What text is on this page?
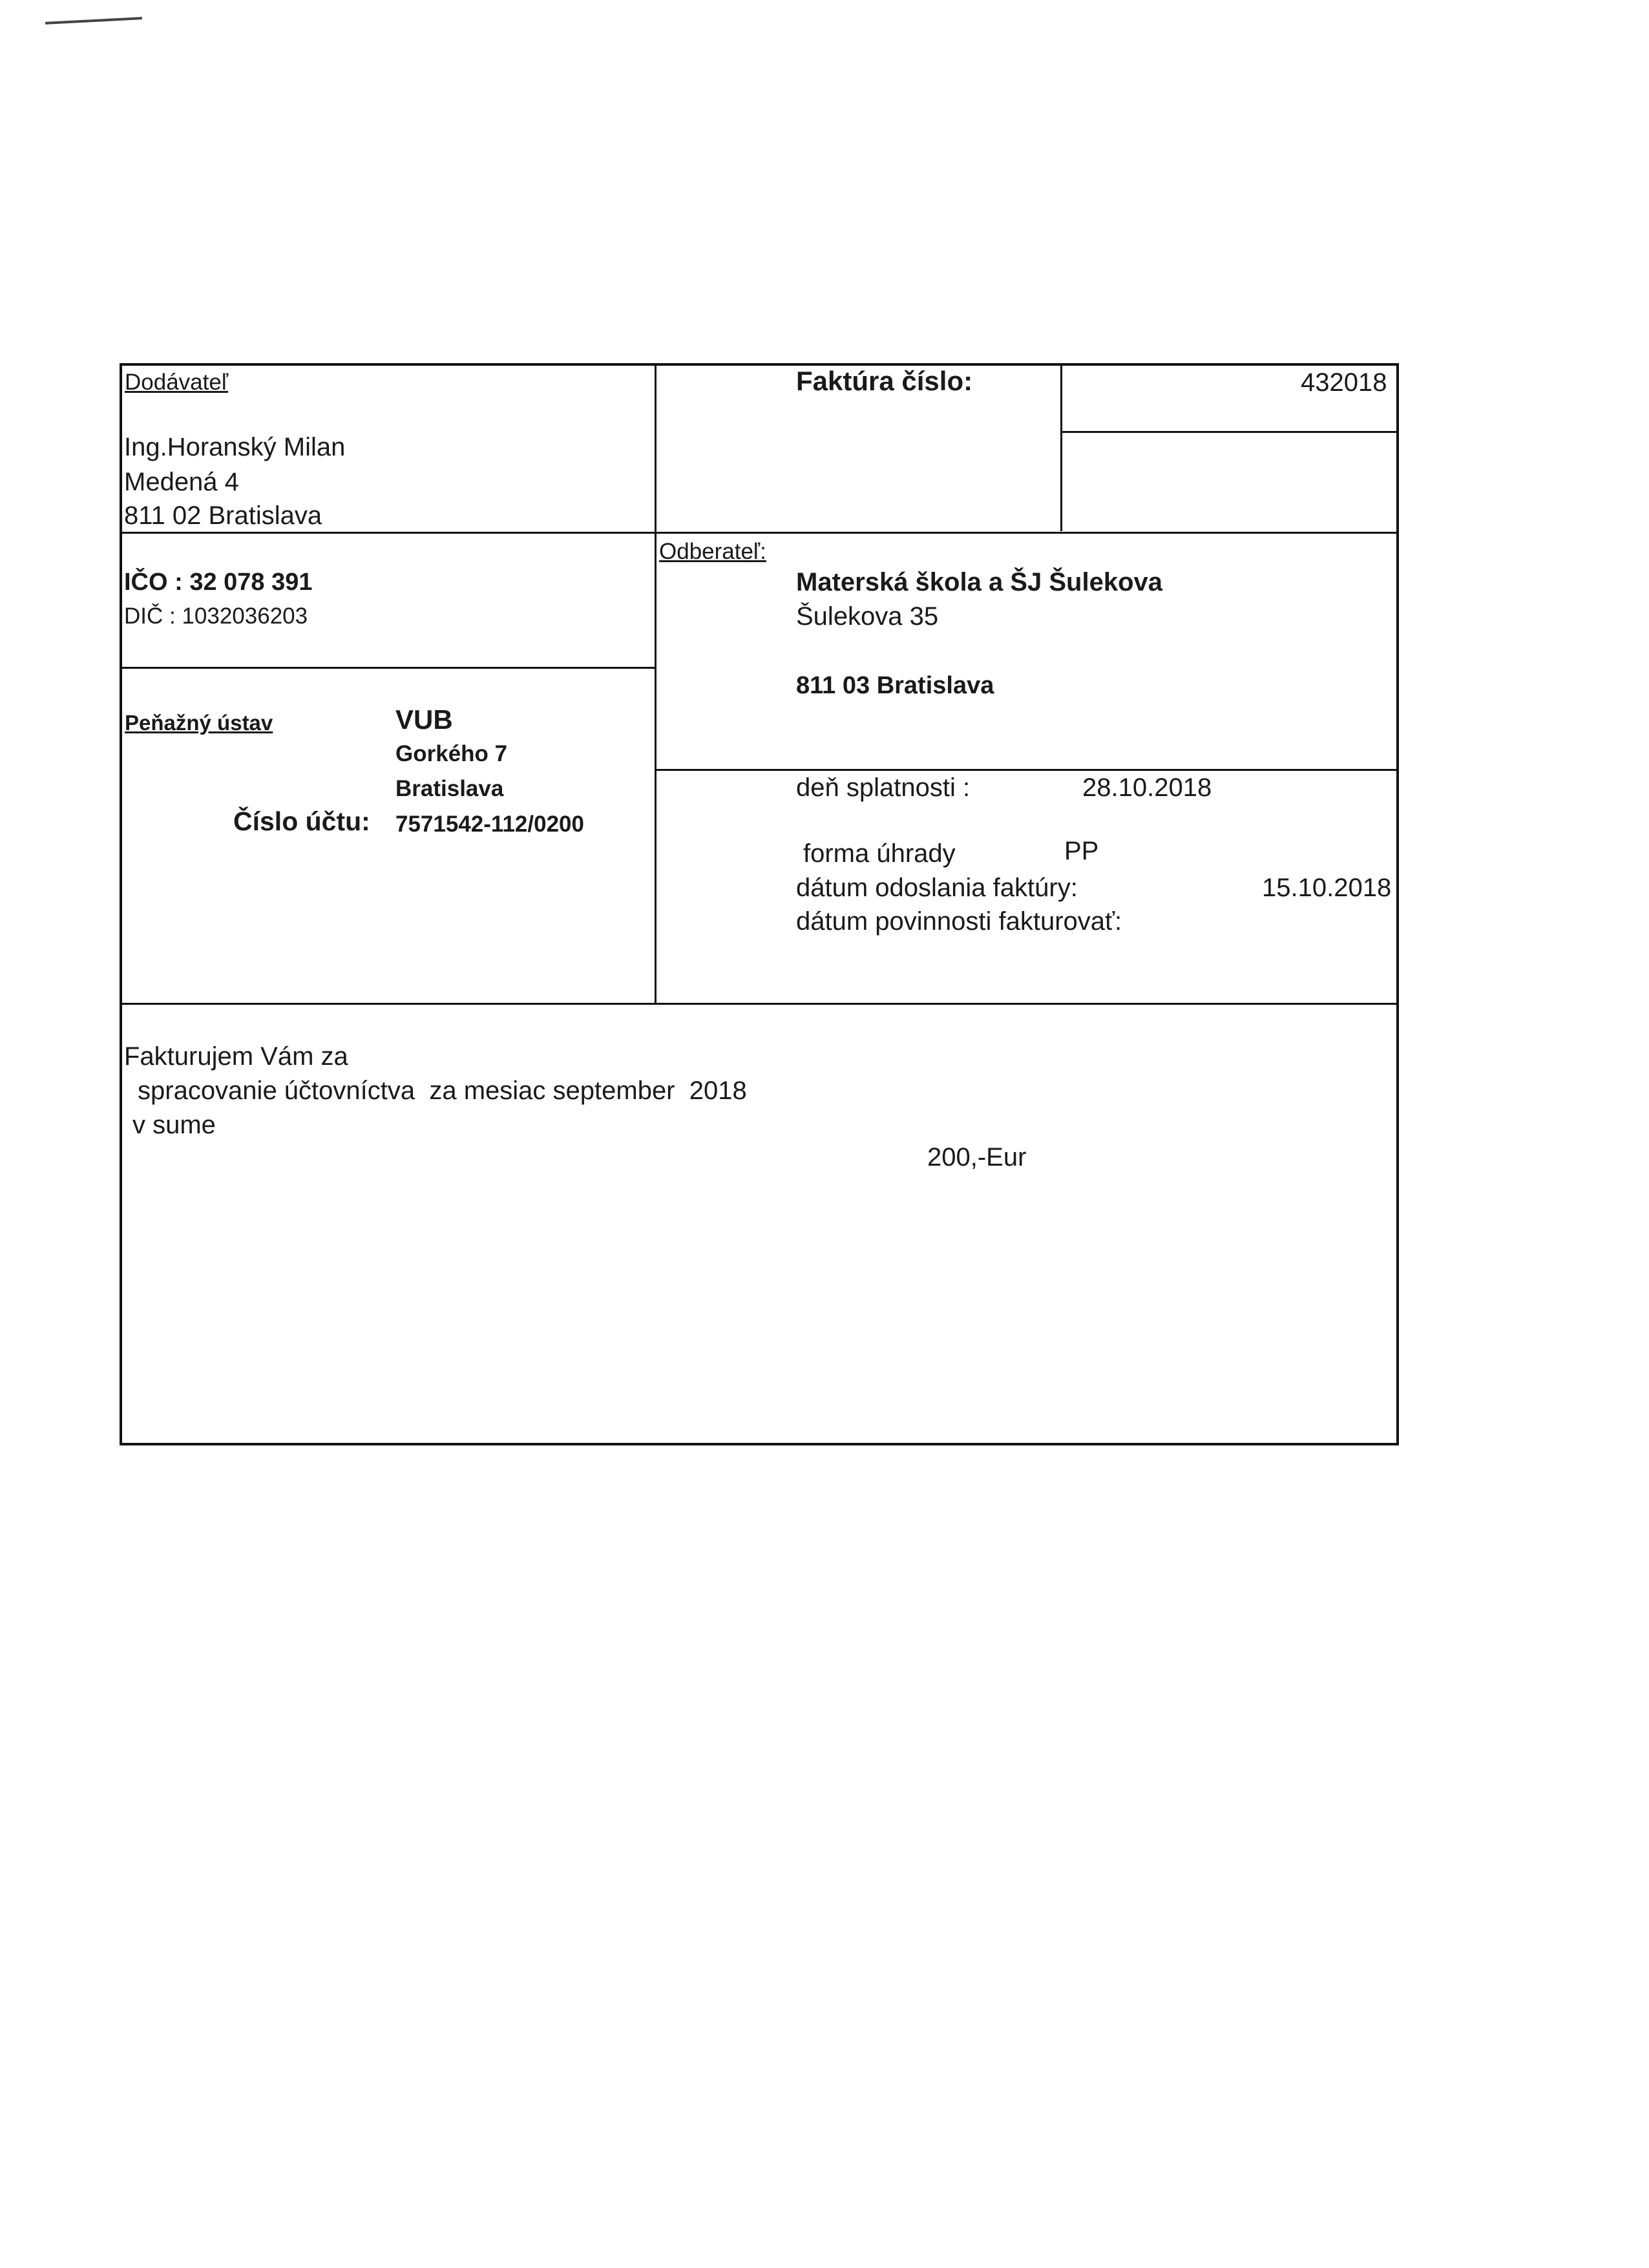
Dodávateľ
Ing.Horanský Milan
Medená 4
811 02 Bratislava
IČO : 32 078 391
DIČ : 1032036203
Faktúra číslo:	432018
Peňažný ústav	VUB
Gorkého 7
Bratislava
Číslo účtu: 7571542-112/0200
Odberateľ:
Materská škola a ŠJ Šulekova
Šulekova 35
811 03 Bratislava
deň splatnosti :	28.10.2018
forma úhrady	PP
dátum odoslania faktúry:	15.10.2018
dátum povinnosti fakturovať:
Fakturujem Vám za
spracovanie účtovníctva  za mesiac september  2018
v sume
200,-Eur
